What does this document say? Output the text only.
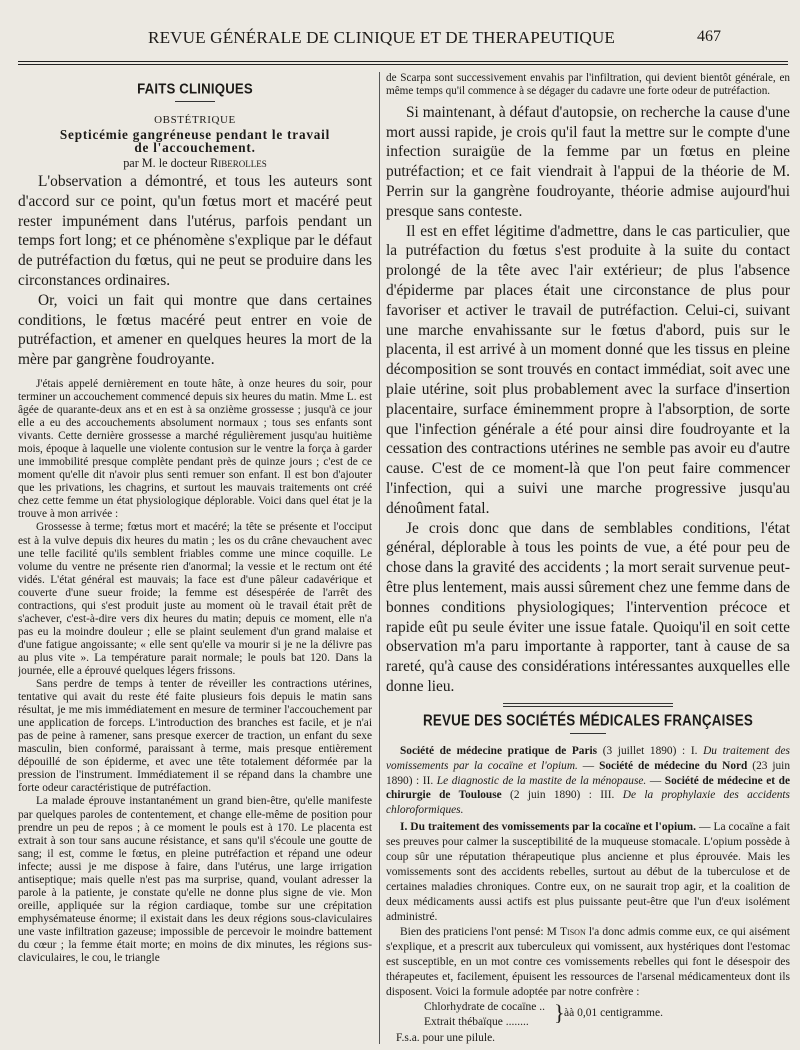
REVUE GÉNÉRALE DE CLINIQUE ET DE THERAPEUTIQUE	467
FAITS CLINIQUES
OBSTÉTRIQUE
Septicémie gangréneuse pendant le travail
de l'accouchement.
par M. le docteur Riberolles

L'observation a démontré, et tous les auteurs sont d'accord sur ce point, qu'un fœtus mort et macéré peut rester impunément dans l'utérus, parfois pendant un temps fort long; et ce phénomène s'explique par le défaut de putréfaction du fœtus, qui ne peut se produire dans les circonstances ordinaires.

Or, voici un fait qui montre que dans certaines conditions, le fœtus macéré peut entrer en voie de putréfaction, et amener en quelques heures la mort de la mère par gangrène foudroyante.

J'étais appelé dernièrement en toute hâte, à onze heures du soir, pour terminer un accouchement commencé depuis six heures du matin. Mme L. est âgée de quarante-deux ans et en est à sa onzième grossesse ; jusqu'à ce jour elle a eu des accouchements absolument normaux ; tous ses enfants sont vivants. Cette dernière grossesse a marché régulièrement jusqu'au huitième mois, époque à laquelle une violente contusion sur le ventre la força à garder une immobilité presque complète pendant près de quinze jours ; c'est de ce moment qu'elle dit n'avoir plus senti remuer son enfant. Il est bon d'ajouter que les privations, les chagrins, et surtout les mauvais traitements ont créé chez cette femme un état physiologique déplorable. Voici dans quel état je la trouve à mon arrivée :

Grossesse à terme; fœtus mort et macéré; la tête se présente et l'occiput est à la vulve depuis dix heures du matin ; les os du crâne chevauchent avec une telle facilité qu'ils semblent friables comme une mince coquille. Le volume du ventre ne présente rien d'anormal; la vessie et le rectum ont été vidés. L'état général est mauvais; la face est d'une pâleur cadavérique et couverte d'une sueur froide; la femme est désespérée de l'arrêt des contractions, qui s'est produit juste au moment où le travail était prêt de s'achever, c'est-à-dire vers dix heures du matin; depuis ce moment, elle n'a pas eu la moindre douleur ; elle se plaint seulement d'un grand malaise et d'une fatigue angoissante; « elle sent qu'elle va mourir si je ne la délivre pas au plus vite ». La température parait normale; le pouls bat 120. Dans la journée, elle a éprouvé quelques légers frissons.

Sans perdre de temps à tenter de réveiller les contractions utérines, tentative qui avait du reste été faite plusieurs fois depuis le matin sans résultat, je me mis immédiatement en mesure de terminer l'accouchement par une application de forceps. L'introduction des branches est facile, et je n'ai pas de peine à ramener, sans presque exercer de traction, un enfant du sexe masculin, bien conformé, paraissant à terme, mais presque entièrement dépouillé de son épiderme, et avec une tête totalement déformée par la pression de l'instrument. Immédiatement il se répand dans la chambre une forte odeur caractéristique de putréfaction.

La malade éprouve instantanément un grand bien-être, qu'elle manifeste par quelques paroles de contentement, et change elle-même de position pour prendre un peu de repos ; à ce moment le pouls est à 170. Le placenta est extrait à son tour sans aucune résistance, et sans qu'il s'écoule une goutte de sang; il est, comme le fœtus, en pleine putréfaction et répand une odeur infecte; aussi je me dispose à faire, dans l'utérus, une large irrigation antiseptique; mais quelle n'est pas ma surprise, quand, voulant adresser la parole à la patiente, je constate qu'elle ne donne plus signe de vie. Mon oreille, appliquée sur la région cardiaque, tombe sur une crépitation emphysémateuse énorme; il existait dans les deux régions sous-claviculaires une vaste infiltration gazeuse; impossible de percevoir le moindre battement du cœur ; la femme était morte; en moins de dix minutes, les régions sus-claviculaires, le cou, le triangle

de Scarpa sont successivement envahis par l'infiltration, qui devient bientôt générale, en même temps qu'il commence à se dégager du cadavre une forte odeur de putréfaction.

Si maintenant, à défaut d'autopsie, on recherche la cause d'une mort aussi rapide, je crois qu'il faut la mettre sur le compte d'une infection suraigüe de la femme par un fœtus en pleine putréfaction; et ce fait viendrait à l'appui de la théorie de M. Perrin sur la gangrène foudroyante, théorie admise aujourd'hui presque sans conteste.

Il est en effet légitime d'admettre, dans le cas particulier, que la putréfaction du fœtus s'est produite à la suite du contact prolongé de la tête avec l'air extérieur; de plus l'absence d'épiderme par places était une circonstance de plus pour favoriser et activer le travail de putréfaction. Celui-ci, suivant une marche envahissante sur le fœtus d'abord, puis sur le placenta, il est arrivé à un moment donné que les tissus en pleine décomposition se sont trouvés en contact immédiat, soit avec une plaie utérine, soit plus probablement avec la surface d'insertion placentaire, surface éminemment propre à l'absorption, de sorte que l'infection générale a été pour ainsi dire foudroyante et la cessation des contractions utérines ne semble pas avoir eu d'autre cause. C'est de ce moment-là que l'on peut faire commencer l'infection, qui a suivi une marche progressive jusqu'au dénoûment fatal.

Je crois donc que dans de semblables conditions, l'état général, déplorable à tous les points de vue, a été pour peu de chose dans la gravité des accidents ; la mort serait survenue peut-être plus lentement, mais aussi sûrement chez une femme dans de bonnes conditions physiologiques; l'intervention précoce et rapide eût pu seule éviter une issue fatale. Quoiqu'il en soit cette observation m'a paru importante à rapporter, tant à cause de sa rareté, qu'à cause des considérations intéressantes auxquelles elle donne lieu.

REVUE DES SOCIÉTÉS MÉDICALES FRANÇAISES

Société de médecine pratique de Paris (3 juillet 1890) : I. Du traitement des vomissements par la cocaïne et l'opium. — Société de médecine du Nord (23 juin 1890) : II. Le diagnostic de la mastite de la ménopause. — Société de médecine et de chirurgie de Toulouse (2 juin 1890) : III. De la prophylaxie des accidents chloroformiques.

I. Du traitement des vomissements par la cocaïne et l'opium. — La cocaïne a fait ses preuves pour calmer la susceptibilité de la muqueuse stomacale. L'opium possède à coup sûr une réputation thérapeutique plus ancienne et plus éprouvée. Mais les vomissements sont des accidents rebelles, surtout au début de la tuberculose et de certaines maladies chroniques. Contre eux, on ne saurait trop agir, et la coalition de deux médicaments aussi actifs est plus puissante peut-être que l'un d'eux isolément administré.

Bien des praticiens l'ont pensé: M Tison l'a donc admis comme eux, ce qui aisément s'explique, et a prescrit aux tuberculeux qui vomissent, aux hystériques dont l'estomac est susceptible, en un mot contre ces vomissements rebelles qui font le désespoir des thérapeutes et, facilement, épuisent les ressources de l'arsenal médicamenteux dont ils disposent. Voici la formule adoptée par notre confrère :

Chlorhydrate de cocaïne ..
Extrait thébaïque ........ } àà 0,01 centigramme.
F.s.a. pour une pilule.
